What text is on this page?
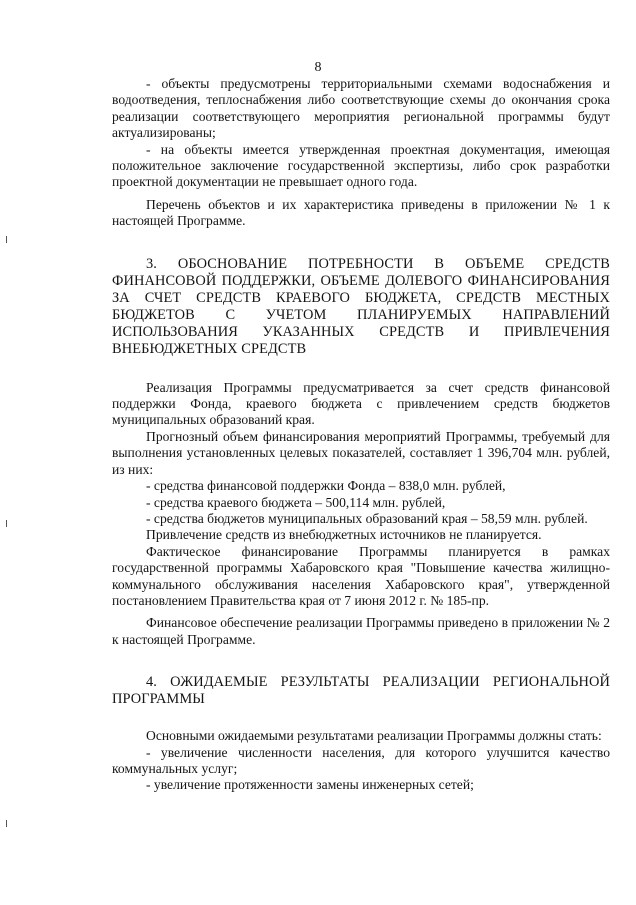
8

- объекты предусмотрены территориальными схемами водоснабжения и водоотведения, теплоснабжения либо соответствующие схемы до окончания срока реализации соответствующего мероприятия региональной программы будут актуализированы;

- на объекты имеется утвержденная проектная документация, имеющая положительное заключение государственной экспертизы, либо срок разработки проектной документации не превышает одного года.

Перечень объектов и их характеристика приведены в приложении № 1 к настоящей Программе.

3. ОБОСНОВАНИЕ ПОТРЕБНОСТИ В ОБЪЕМЕ СРЕДСТВ ФИНАНСОВОЙ ПОДДЕРЖКИ, ОБЪЕМЕ ДОЛЕВОГО ФИНАНСИРОВАНИЯ ЗА СЧЕТ СРЕДСТВ КРАЕВОГО БЮДЖЕТА, СРЕДСТВ МЕСТНЫХ БЮДЖЕТОВ С УЧЕТОМ ПЛАНИРУЕМЫХ НАПРАВЛЕНИЙ ИСПОЛЬЗОВАНИЯ УКАЗАННЫХ СРЕДСТВ И ПРИВЛЕЧЕНИЯ ВНЕБЮДЖЕТНЫХ СРЕДСТВ

Реализация Программы предусматривается за счет средств финансовой поддержки Фонда, краевого бюджета с привлечением средств бюджетов муниципальных образований края.

Прогнозный объем финансирования мероприятий Программы, требуемый для выполнения установленных целевых показателей, составляет 1 396,704 млн. рублей, из них:

- средства финансовой поддержки Фонда – 838,0 млн. рублей,

- средства краевого бюджета – 500,114 млн. рублей,

- средства бюджетов муниципальных образований края – 58,59 млн. рублей.

Привлечение средств из внебюджетных источников не планируется.

Фактическое финансирование Программы планируется в рамках государственной программы Хабаровского края "Повышение качества жилищно-коммунального обслуживания населения Хабаровского края", утвержденной постановлением Правительства края от 7 июня 2012 г. № 185-пр.

Финансовое обеспечение реализации Программы приведено в приложении № 2 к настоящей Программе.

4. ОЖИДАЕМЫЕ РЕЗУЛЬТАТЫ РЕАЛИЗАЦИИ РЕГИОНАЛЬНОЙ ПРОГРАММЫ

Основными ожидаемыми результатами реализации Программы должны стать:

- увеличение численности населения, для которого улучшится качество коммунальных услуг;

- увеличение протяженности замены инженерных сетей;
